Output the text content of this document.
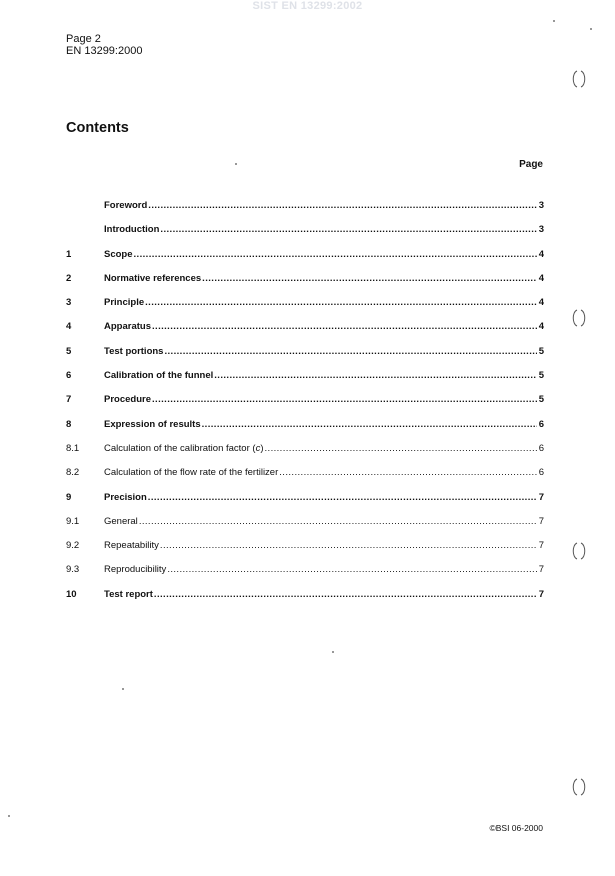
SIST EN 13299:2002
Page 2
EN 13299:2000
Contents
Page
Foreword .....	3
Introduction .....	3
1	Scope .....	4
2	Normative references .....	4
3	Principle .....	4
4	Apparatus .....	4
5	Test portions .....	5
6	Calibration of the funnel .....	5
7	Procedure .....	5
8	Expression of results .....	6
8.1	Calculation of the calibration factor (c) .....	6
8.2	Calculation of the flow rate of the fertilizer .....	6
9	Precision .....	7
9.1	General .....	7
9.2	Repeatability .....	7
9.3	Reproducibility .....	7
10	Test report .....	7
©BSI 06-2000
